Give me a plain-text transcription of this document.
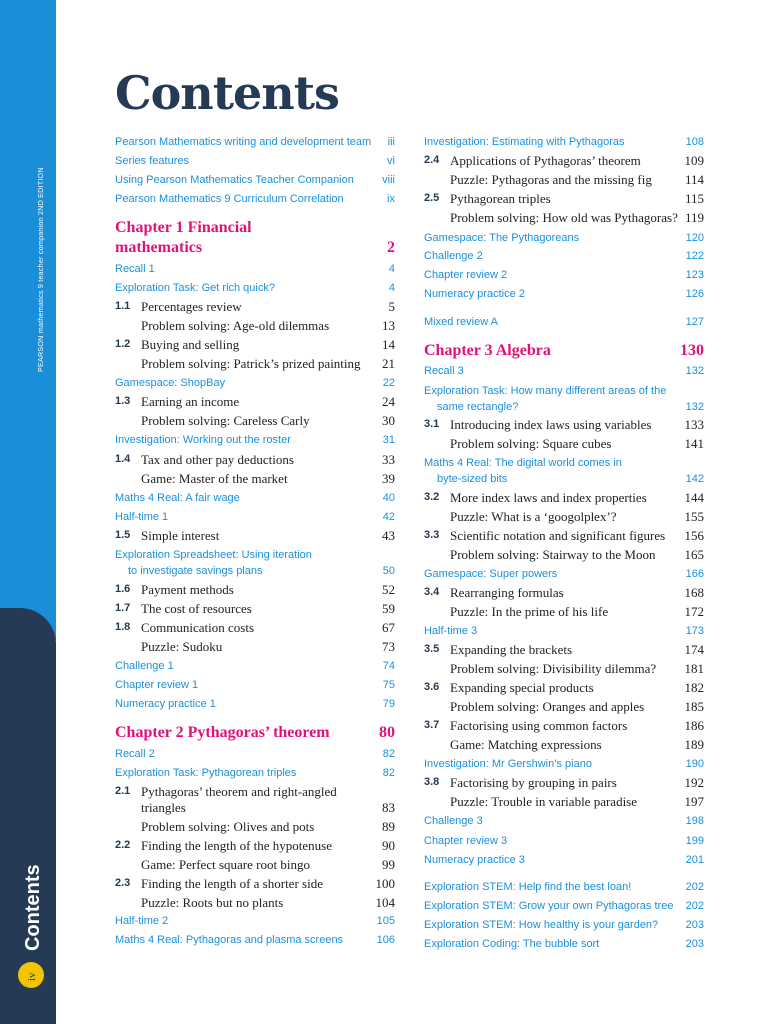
PEARSON mathematics 9 teacher companion 2ND EDITION
Contents
iv
Contents
Pearson Mathematics writing and development team iii
Series features	vi
Using Pearson Mathematics Teacher Companion	viii
Pearson Mathematics 9 Curriculum Correlation	ix
Chapter 1 Financial
mathematics	2
Recall 1	4
Exploration Task: Get rich quick?	4
1.1 Percentages review	5
Problem solving: Age-old dilemmas	13
1.2 Buying and selling	14
Problem solving: Patrick’s prized painting 21
Gamespace: ShopBay	22
1.3 Earning an income	24
Problem solving: Careless Carly	30
Investigation: Working out the roster	31
1.4 Tax and other pay deductions	33
Game: Master of the market	39
Maths 4 Real: A fair wage	40
Half-time 1	42
1.5 Simple interest	43
Exploration Spreadsheet: Using iteration
to investigate savings plans	50
1.6 Payment methods	52
1.7 The cost of resources	59
1.8 Communication costs	67
Puzzle: Sudoku	73
Challenge 1	74
Chapter review 1	75
Numeracy practice 1	79
Chapter 2 Pythagoras’ theorem	80
Recall 2	82
Exploration Task: Pythagorean triples	82
2.1 Pythagoras’ theorem and right-angled
triangles	83
Problem solving: Olives and pots	89
2.2 Finding the length of the hypotenuse	90
Game: Perfect square root bingo	99
2.3 Finding the length of a shorter side	100
Puzzle: Roots but no plants	104
Half-time 2	105
Maths 4 Real: Pythagoras and plasma screens	106
Investigation: Estimating with Pythagoras	108
2.4 Applications of Pythagoras’ theorem	109
Puzzle: Pythagoras and the missing fig	114
2.5 Pythagorean triples	115
Problem solving: How old was Pythagoras? 119
Gamespace: The Pythagoreans	120
Challenge 2	122
Chapter review 2	123
Numeracy practice 2	126
Mixed review A	127
Chapter 3 Algebra	130
Recall 3	132
Exploration Task: How many different areas of the
same rectangle?	132
3.1 Introducing index laws using variables	133
Problem solving: Square cubes	141
Maths 4 Real: The digital world comes in
byte-sized bits	142
3.2 More index laws and index properties	144
Puzzle: What is a ‘googolplex’?	155
3.3 Scientific notation and significant figures 156
Problem solving: Stairway to the Moon 165
Gamespace: Super powers	166
3.4 Rearranging formulas	168
Puzzle: In the prime of his life	172
Half-time 3	173
3.5 Expanding the brackets	174
Problem solving: Divisibility dilemma? 181
3.6 Expanding special products	182
Problem solving: Oranges and apples	185
3.7 Factorising using common factors	186
Game: Matching expressions	189
Investigation: Mr Gershwin’s piano	190
3.8 Factorising by grouping in pairs	192
Puzzle: Trouble in variable paradise	197
Challenge 3	198
Chapter review 3	199
Numeracy practice 3	201
Exploration STEM: Help find the best loan!	202
Exploration STEM: Grow your own Pythagoras tree 202
Exploration STEM: How healthy is your garden? 203
Exploration Coding: The bubble sort	203
